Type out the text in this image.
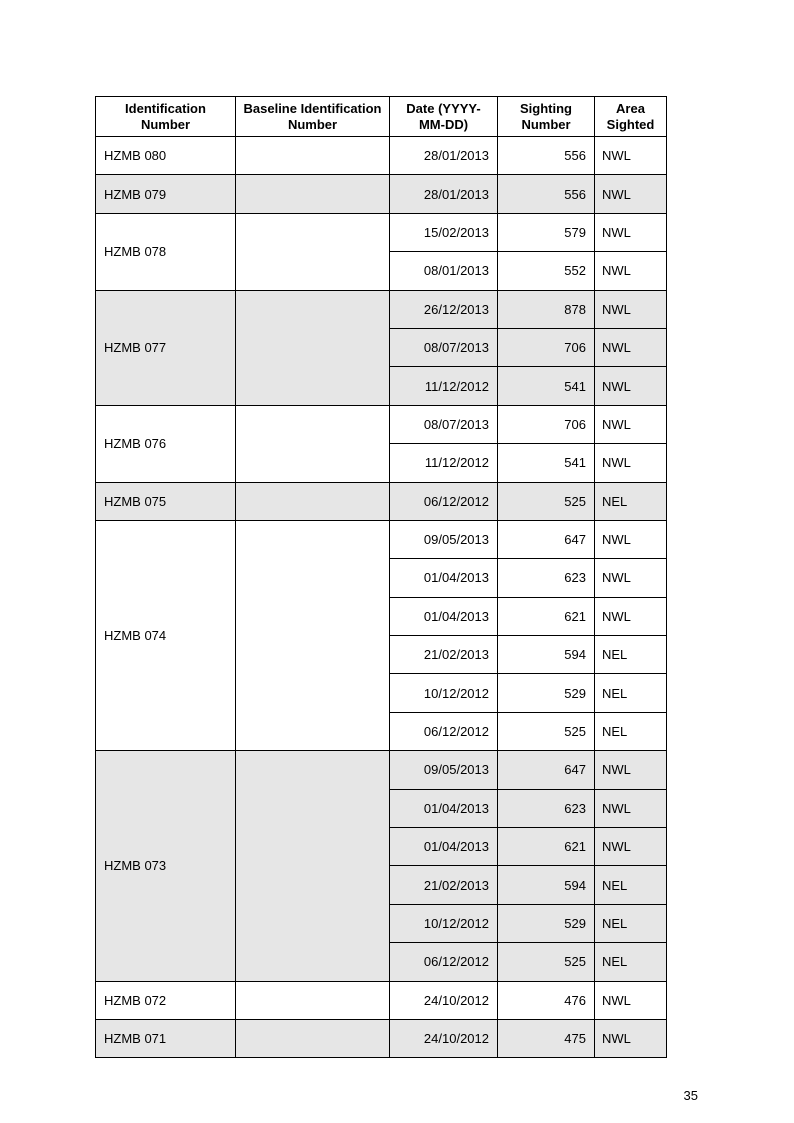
Identification Number	Baseline Identification Number	Date (YYYY-MM-DD)	Sighting Number	Area Sighted
HZMB 080		28/01/2013	556	NWL
HZMB 079		28/01/2013	556	NWL
HZMB 078		15/02/2013	579	NWL
		08/01/2013	552	NWL
HZMB 077		26/12/2013	878	NWL
		08/07/2013	706	NWL
		11/12/2012	541	NWL
HZMB 076		08/07/2013	706	NWL
		11/12/2012	541	NWL
HZMB 075		06/12/2012	525	NEL
HZMB 074		09/05/2013	647	NWL
		01/04/2013	623	NWL
		01/04/2013	621	NWL
		21/02/2013	594	NEL
		10/12/2012	529	NEL
		06/12/2012	525	NEL
HZMB 073		09/05/2013	647	NWL
		01/04/2013	623	NWL
		01/04/2013	621	NWL
		21/02/2013	594	NEL
		10/12/2012	529	NEL
		06/12/2012	525	NEL
HZMB 072		24/10/2012	476	NWL
HZMB 071		24/10/2012	475	NWL
35
